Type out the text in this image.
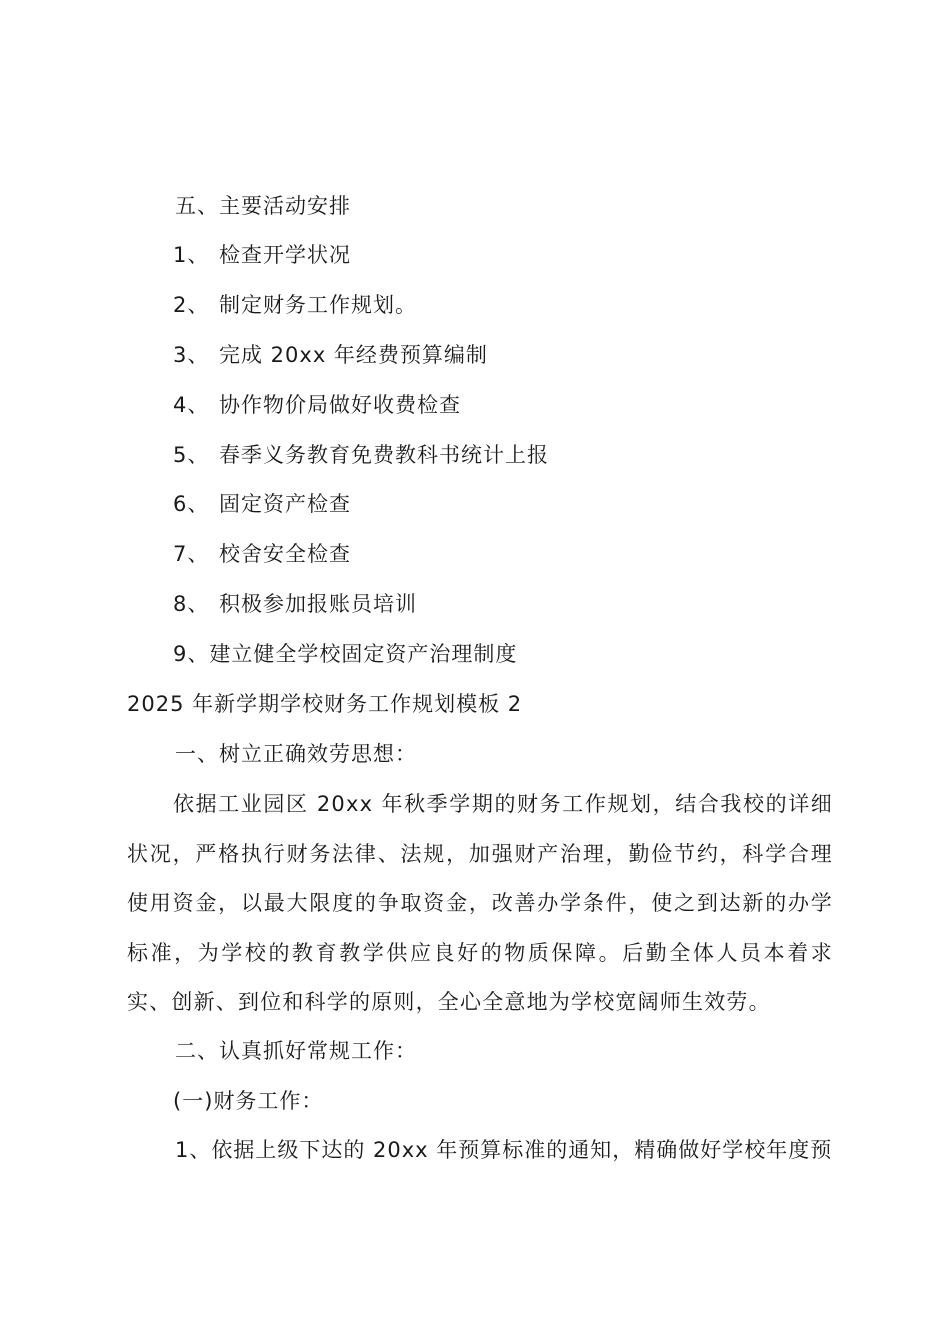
五、主要活动安排
1、 检查开学状况
2、 制定财务工作规划。
3、 完成 20xx 年经费预算编制
4、 协作物价局做好收费检查
5、 春季义务教育免费教科书统计上报
6、 固定资产检查
7、 校舍安全检查
8、 积极参加报账员培训
9、建立健全学校固定资产治理制度
2025 年新学期学校财务工作规划模板 2
一、树立正确效劳思想：
依据工业园区 20xx 年秋季学期的财务工作规划，结合我校的详细状况，严格执行财务法律、法规，加强财产治理，勤俭节约，科学合理使用资金，以最大限度的争取资金，改善办学条件，使之到达新的办学标准，为学校的教育教学供应良好的物质保障。后勤全体人员本着求实、创新、到位和科学的原则，全心全意地为学校宽阔师生效劳。
二、认真抓好常规工作：
(一)财务工作：
1、依据上级下达的 20xx 年预算标准的通知，精确做好学校年度预
